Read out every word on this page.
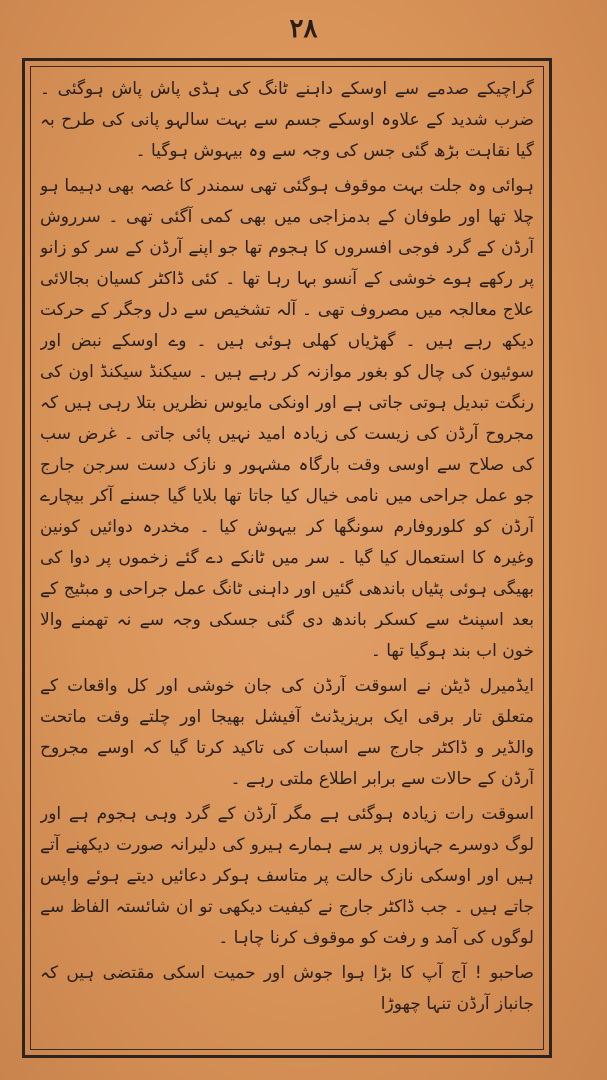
۲۸

گراچیکے صدمے سے اوسکے داہنے ٹانگ کی ہڈی پاش پاش ہوگئی ۔ ضرب شدید کے علاوہ اوسکے جسم سے بہت سالہو پانی کی طرح بہ گیا نقاہت بڑھ گئی جس کی وجہ سے وہ بیہوش ہوگیا ۔

ہوائی وہ جلت بہت موقوف ہوگئی تھی سمندر کا غصہ بھی دہیما ہو چلا تھا اور طوفان کے بدمزاجی میں بھی کمی آگئی تھی ۔ سرروش آرڈن کے گرد فوجی افسروں کا ہجوم تھا جو اپنے آرڈن کے سر کو زانو پر رکھے ہوے خوشی کے آنسو بہا رہا تھا ۔ کئی ڈاکٹر کسیان بجالائی علاج معالجہ میں مصروف تھی ۔ آلہ تشخیص سے دل وجگر کے حرکت دیکھ رہے ہیں ۔ گھڑیاں کھلی ہوئی ہیں ۔ وے اوسکے نبض اور سوئیون کی چال کو بغور موازنہ کر رہے ہیں ۔ سیکنڈ سیکنڈ اون کی رنگت تبدیل ہوتی جاتی ہے اور اونکی مایوس نظریں بتلا رہی ہیں کہ مجروح آرڈن کی زیست کی زیادہ امید نہیں پائی جاتی ۔ غرض سب کی صلاح سے اوسی وقت بارگاہ مشہور و نازک دست سرجن جارج جو عمل جراحی میں نامی خیال کیا جاتا تھا بلایا گیا جسنے آکر بیچارے آرڈن کو کلوروفارم سونگھا کر بیہوش کیا ۔ مخدرہ دوائیں کونین وغیرہ کا استعمال کیا گیا ۔ سر میں ٹانکے دے گئے زخموں پر دوا کی بھیگی ہوئی پٹیاں باندھی گئیں اور داہنی ٹانگ عمل جراحی و مبٹیج کے بعد اسپنٹ سے کسکر باندھ دی گئی جسکی وجہ سے نہ تھمنے والا خون اب بند ہوگیا تھا ۔

ایڈمیرل ڈیٹن نے اسوقت آرڈن کی جان خوشی اور کل واقعات کے متعلق تار برقی ایک بریزیڈنٹ آفیشل بھیجا اور چلتے وقت ماتحت والڈیر و ڈاکٹر جارج سے اسبات کی تاکید کرتا گیا کہ اوسے مجروح آرڈن کے حالات سے برابر اطلاع ملتی رہے ۔

اسوقت رات زیادہ ہوگئی ہے مگر آرڈن کے گرد وہی ہجوم ہے اور لوگ دوسرے جہازوں پر سے ہمارے ہیرو کی دلیرانہ صورت دیکھنے آتے ہیں اور اوسکی نازک حالت پر متاسف ہوکر دعائیں دیتے ہوئے واپس جاتے ہیں ۔ جب ڈاکٹر جارج نے کیفیت دیکھی تو ان شائستہ الفاظ سے لوگوں کی آمد و رفت کو موقوف کرنا چاہا ۔

صاحبو ! آج آپ کا بڑا ہوا جوش اور حمیت اسکی مقتضی ہیں کہ جانباز آرڈن تنہا چھوڑا
